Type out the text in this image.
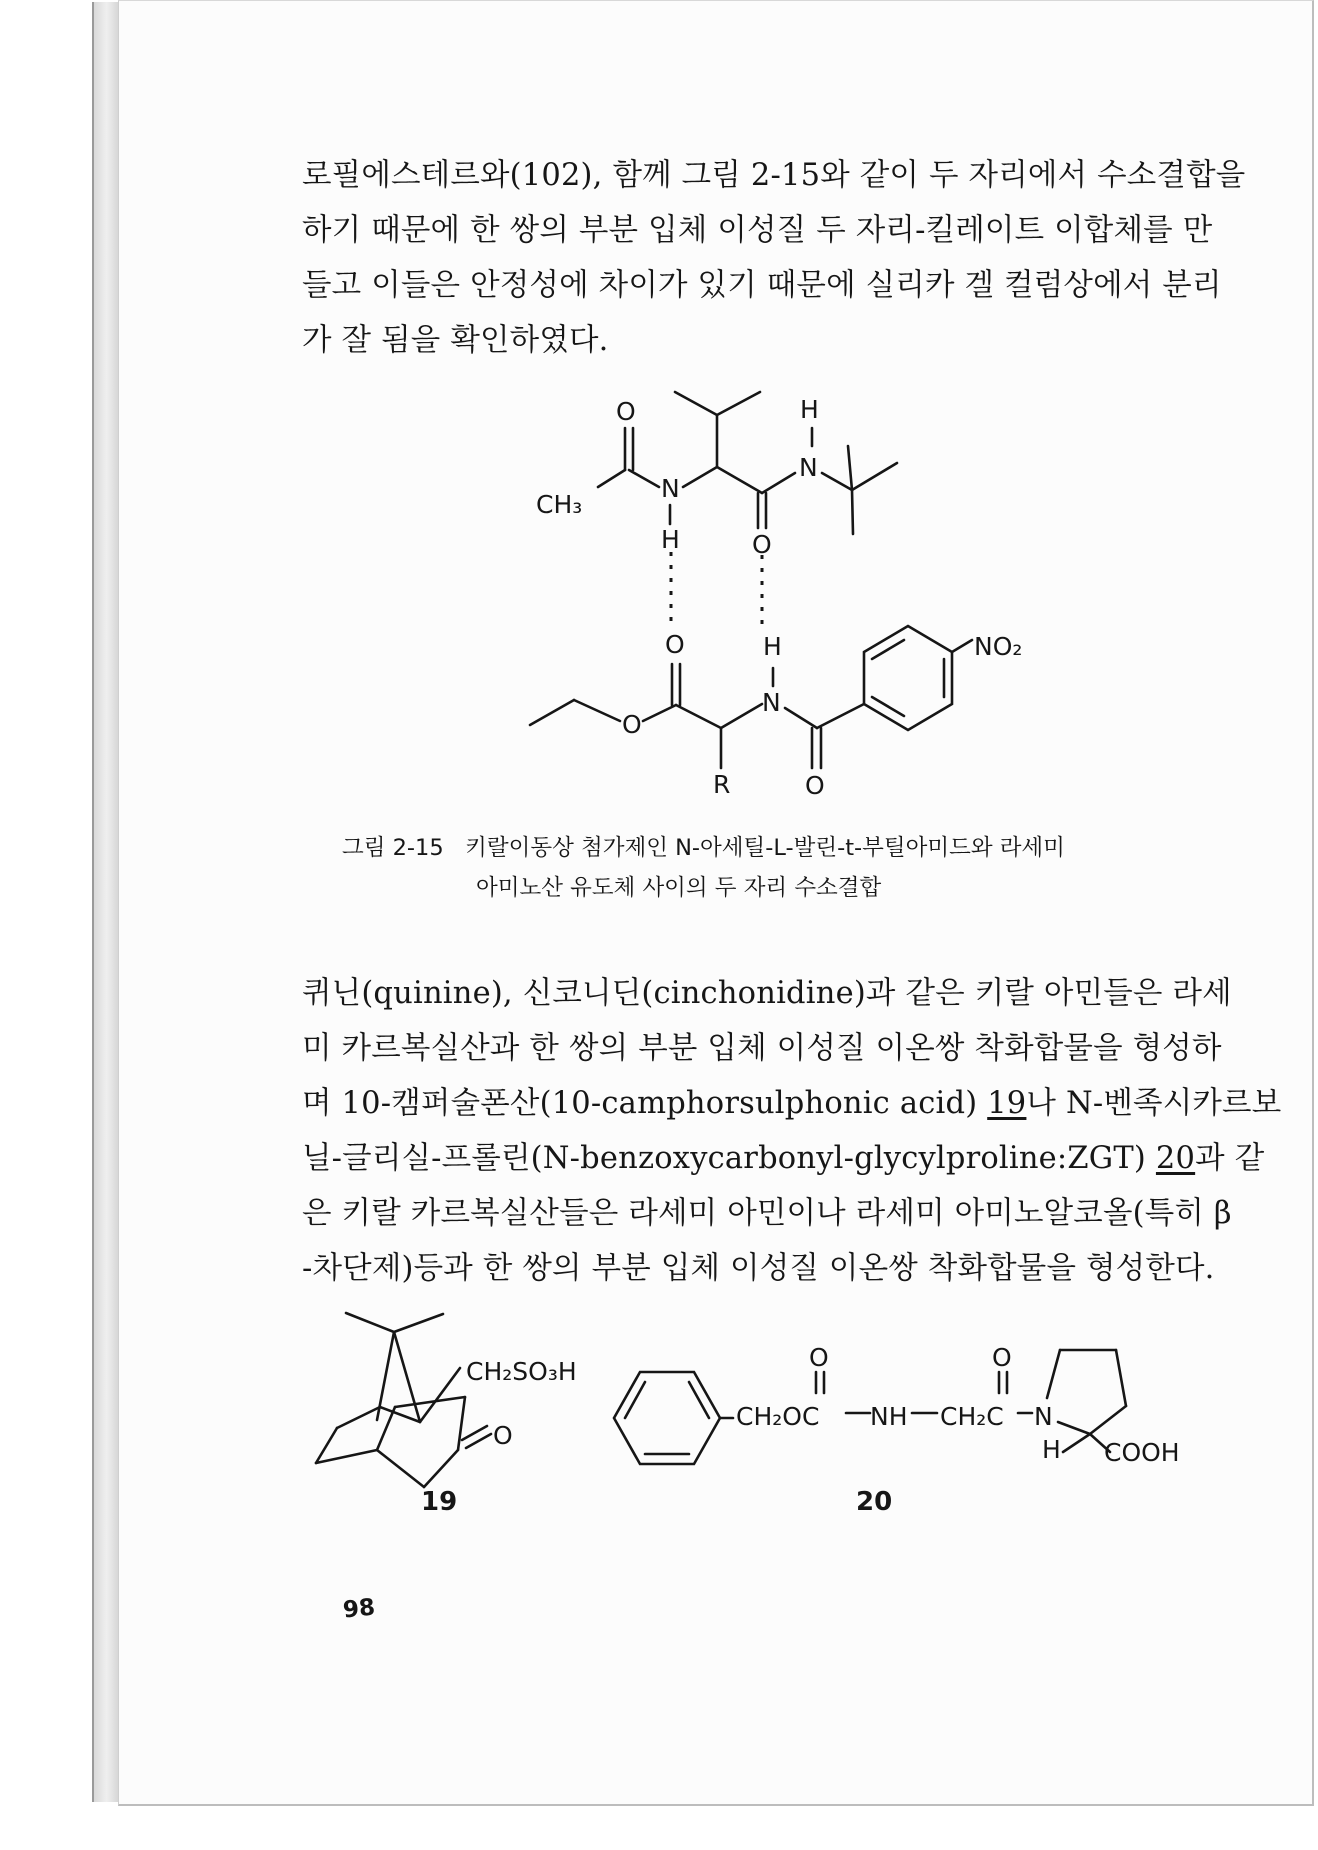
로필에스테르와(102), 함께 그림 2-15와 같이 두 자리에서 수소결합을
하기 때문에 한 쌍의 부분 입체 이성질 두 자리-킬레이트 이합체를 만
들고 이들은 안정성에 차이가 있기 때문에 실리카 겔 컬럼상에서 분리
가 잘 됨을 확인하였다.
CH₃
N
N
H
H
O
O
O	H
O
N
R	O
NO₂
그림 2-15 키랄이동상 첨가제인 N-아세틸-L-발린-t-부틸아미드와 라세미
아미노산 유도체 사이의 두 자리 수소결합
퀴닌(quinine), 신코니딘(cinchonidine)과 같은 키랄 아민들은 라세
미 카르복실산과 한 쌍의 부분 입체 이성질 이온쌍 착화합물을 형성하
며 10-캠퍼술폰산(10-camphorsulphonic acid) 19나 N-벤족시카르보
닐-글리실-프롤린(N-benzoxycarbonyl-glycylproline:ZGT) 20과 같
은 키랄 카르복실산들은 라세미 아민이나 라세미 아미노알코올(특히 β
-차단제)등과 한 쌍의 부분 입체 이성질 이온쌍 착화합물을 형성한다.
CH₂SO₃H
O
CH₂OC NH CH₂C N
O	O
H COOH
19	20
98
